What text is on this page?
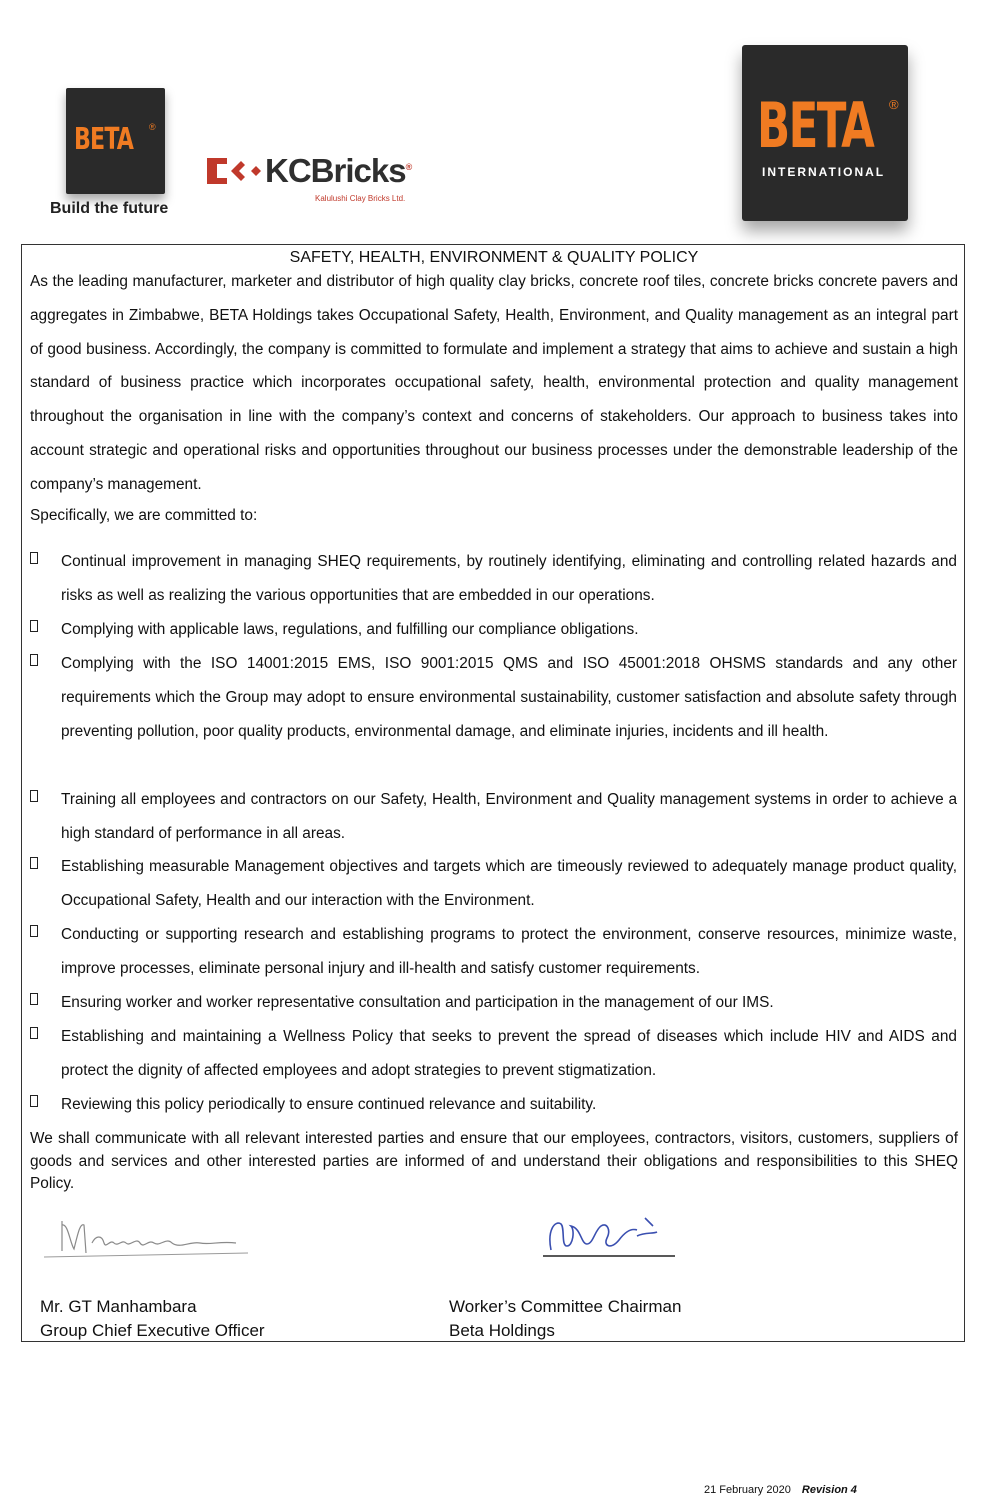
BETA ®
Build the future
KCBricks®
Kalulushi Clay Bricks Ltd.
BETA ®
INTERNATIONAL
SAFETY, HEALTH, ENVIRONMENT & QUALITY POLICY

As the leading manufacturer, marketer and distributor of high quality clay bricks, concrete roof tiles, concrete bricks concrete pavers and aggregates in Zimbabwe, BETA Holdings takes Occupational Safety, Health, Environment, and Quality management as an integral part of good business. Accordingly, the company is committed to formulate and implement a strategy that aims to achieve and sustain a high standard of business practice which incorporates occupational safety, health, environmental protection and quality management throughout the organisation in line with the company’s context and concerns of stakeholders. Our approach to business takes into account strategic and operational risks and opportunities throughout our business processes under the demonstrable leadership of the company’s management.

Specifically, we are committed to:

Continual improvement in managing SHEQ requirements, by routinely identifying, eliminating and controlling related hazards and risks as well as realizing the various opportunities that are embedded in our operations.

Complying with applicable laws, regulations, and fulfilling our compliance obligations.

Complying with the ISO 14001:2015 EMS, ISO 9001:2015 QMS and ISO 45001:2018 OHSMS standards and any other requirements which the Group may adopt to ensure environmental sustainability, customer satisfaction and absolute safety through preventing pollution, poor quality products, environmental damage, and eliminate injuries, incidents and ill health.

Training all employees and contractors on our Safety, Health, Environment and Quality management systems in order to achieve a high standard of performance in all areas.

Establishing measurable Management objectives and targets which are timeously reviewed to adequately manage product quality, Occupational Safety, Health and our interaction with the Environment.

Conducting or supporting research and establishing programs to protect the environment, conserve resources, minimize waste, improve processes, eliminate personal injury and ill-health and satisfy customer requirements.

Ensuring worker and worker representative consultation and participation in the management of our IMS.

Establishing and maintaining a Wellness Policy that seeks to prevent the spread of diseases which include HIV and AIDS and protect the dignity of affected employees and adopt strategies to prevent stigmatization.

Reviewing this policy periodically to ensure continued relevance and suitability.

We shall communicate with all relevant interested parties and ensure that our employees, contractors, visitors, customers, suppliers of goods and services and other interested parties are informed of and understand their obligations and responsibilities to this SHEQ Policy.

Mr. GT Manhambara
Group Chief Executive Officer

Worker’s Committee Chairman
Beta Holdings

21 February 2020 Revision 4
